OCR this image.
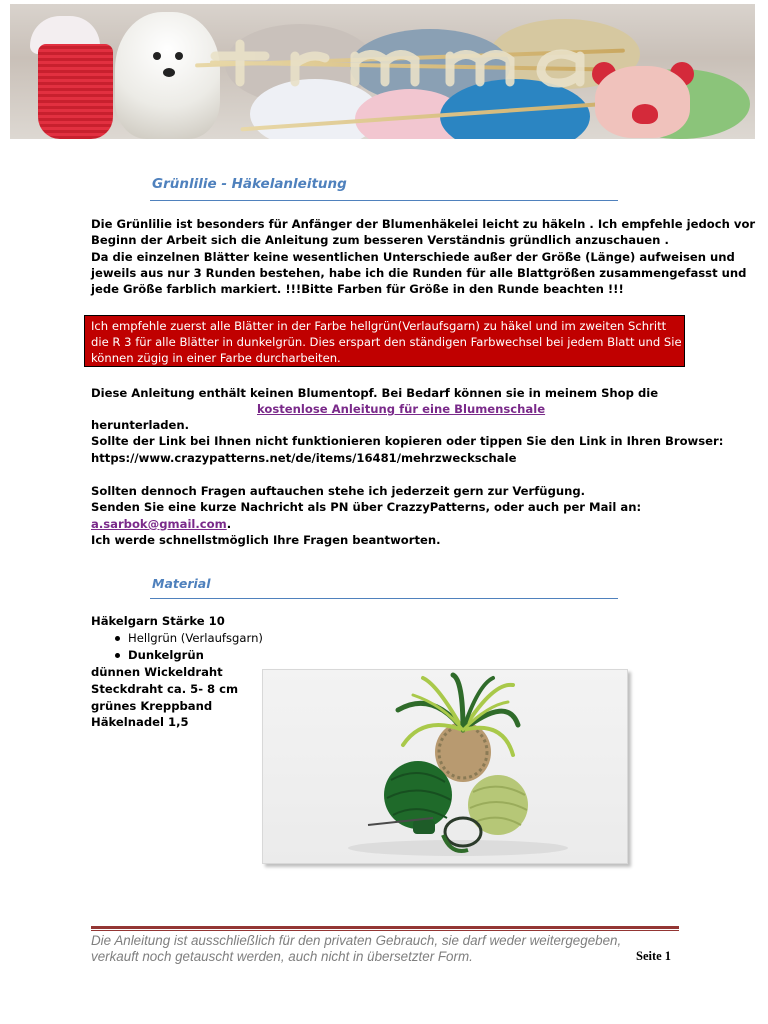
Grünlilie - Häkelanleitung

Die Grünlilie ist besonders für Anfänger der Blumenhäkelei leicht zu häkeln . Ich empfehle jedoch vor

Beginn der Arbeit sich die Anleitung zum besseren Verständnis gründlich anzuschauen .

Da die einzelnen Blätter keine wesentlichen Unterschiede außer der Größe (Länge) aufweisen und

jeweils aus nur 3 Runden bestehen, habe ich die Runden für alle Blattgrößen zusammengefasst und

jede Größe farblich markiert. !!!Bitte Farben für Größe in den Runde beachten !!!

Ich empfehle zuerst alle Blätter in der Farbe hellgrün(Verlaufsgarn) zu häkel und im zweiten Schritt

die R 3 für alle Blätter in dunkelgrün. Dies erspart den ständigen Farbwechsel bei jedem Blatt und Sie

können zügig in einer Farbe durcharbeiten.

Diese Anleitung enthält keinen Blumentopf. Bei Bedarf können sie in meinem Shop die

kostenlose Anleitung für eine Blumenschale

herunterladen.

Sollte der Link bei Ihnen nicht funktionieren kopieren oder tippen Sie den Link in Ihren Browser:

https://www.crazypatterns.net/de/items/16481/mehrzweckschale

Sollten dennoch Fragen auftauchen stehe ich jederzeit gern zur Verfügung.

Senden Sie eine kurze Nachricht als PN über CrazzyPatterns, oder auch per Mail an:

a.sarbok@gmail.com.

Ich werde schnellstmöglich Ihre Fragen beantworten.

Material

Häkelgarn Stärke 10

Hellgrün (Verlaufsgarn)

Dunkelgrün

dünnen Wickeldraht

Steckdraht ca. 5- 8 cm

grünes Kreppband

Häkelnadel 1,5

Die Anleitung ist ausschließlich für den privaten Gebrauch, sie darf weder weitergegeben,

verkauft noch getauscht werden, auch nicht in übersetzter Form.	Seite 1
